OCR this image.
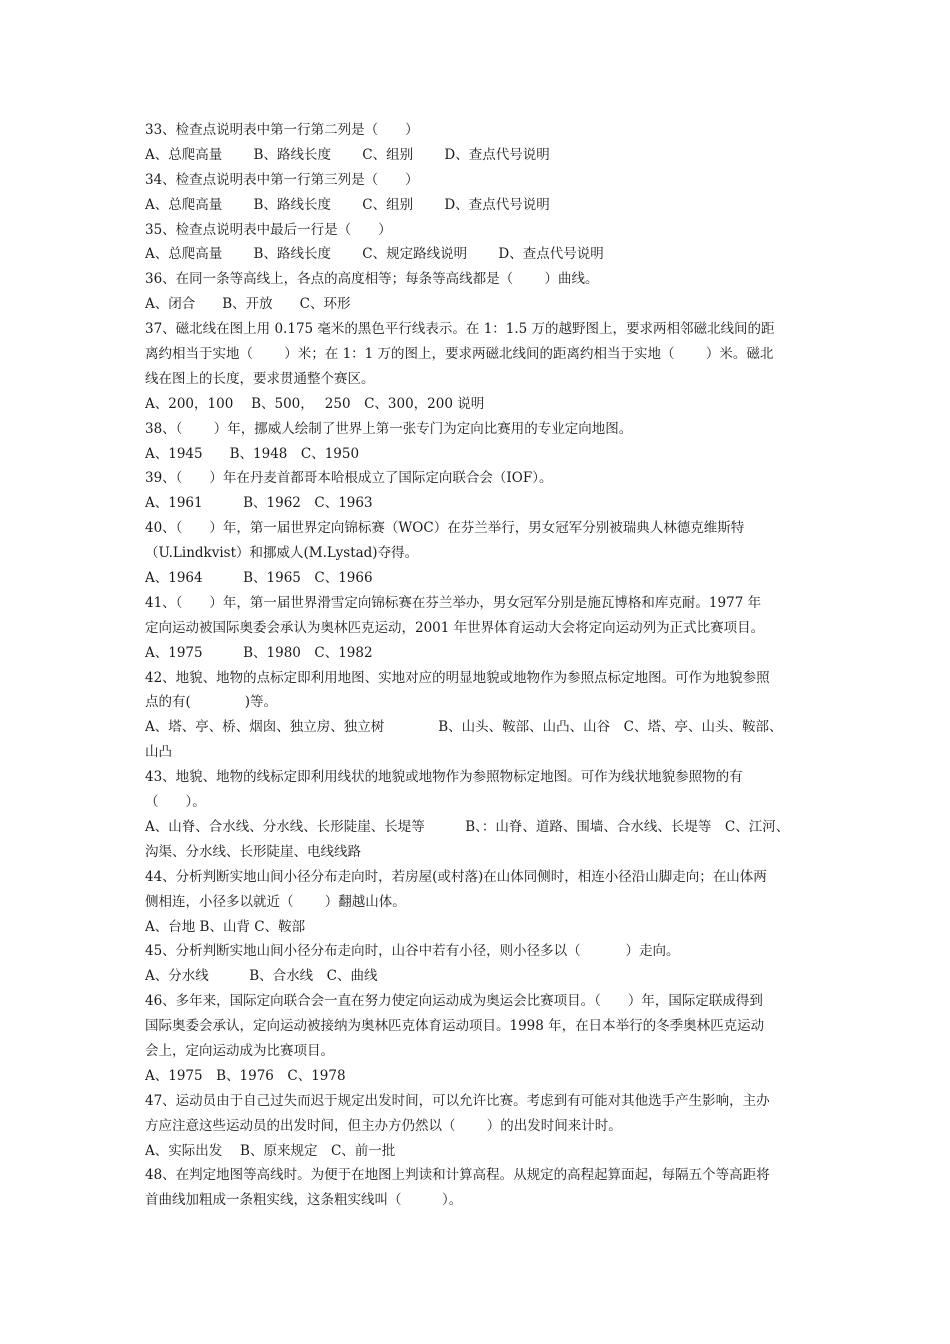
33、检查点说明表中第一行第二列是（　　）
A、总爬高量　　 B、路线长度　　 C、组别　　 D、查点代号说明
34、检查点说明表中第一行第三列是（　　）
A、总爬高量　　 B、路线长度　　 C、组别　　 D、查点代号说明
35、检查点说明表中最后一行是（　　）
A、总爬高量　　 B、路线长度　　 C、规定路线说明　　 D、查点代号说明
36、在同一条等高线上，各点的高度相等；每条等高线都是（　　 ）曲线。
A、闭合　　B、开放　　C、环形
37、磁北线在图上用 0.175 毫米的黑色平行线表示。在 1：1.5 万的越野图上，要求两相邻磁北线间的距
离约相当于实地（　　 ）米；在 1：1 万的图上，要求两磁北线间的距离约相当于实地（　　 ）米。磁北
线在图上的长度，要求贯通整个赛区。
A、200，100　 B、500，　 250　C、300，200 说明
38、（　　 ）年，挪威人绘制了世界上第一张专门为定向比赛用的专业定向地图。
A、1945　　B、1948　C、1950
39、（　　）年在丹麦首都哥本哈根成立了国际定向联合会（IOF）。
A、1961　　　B、1962　C、1963
40、（　　）年，第一届世界定向锦标赛（WOC）在芬兰举行，男女冠军分别被瑞典人林德克维斯特
（U.Lindkvist）和挪威人(M.Lystad)夺得。
A、1964　　　B、1965　C、1966
41、（　　）年，第一届世界滑雪定向锦标赛在芬兰举办，男女冠军分别是施瓦博格和库克耐。1977 年
定向运动被国际奥委会承认为奥林匹克运动，2001 年世界体育运动大会将定向运动列为正式比赛项目。
A、1975　　　B、1980　C、1982
42、地貌、地物的点标定即利用地图、实地对应的明显地貌或地物作为参照点标定地图。可作为地貌参照
点的有(　　　　)等。
A、塔、亭、桥、烟囱、独立房、独立树　　　　B、山头、鞍部、山凸、山谷　C、塔、亭、山头、鞍部、
山凸
43、地貌、地物的线标定即利用线状的地貌或地物作为参照物标定地图。可作为线状地貌参照物的有
（　　）。
A、山脊、合水线、分水线、长形陡崖、长堤等　　　B、：山脊、道路、围墙、合水线、长堤等　C、江河、
沟渠、分水线、长形陡崖、电线线路
44、分析判断实地山间小径分布走向时，若房屋(或村落)在山体同侧时，相连小径沿山脚走向；在山体两
侧相连，小径多以就近（　　 ）翻越山体。
A、台地 B、山背 C、鞍部
45、分析判断实地山间小径分布走向时，山谷中若有小径，则小径多以（　　　 ）走向。
A、分水线　　　B、合水线　C、曲线
46、多年来，国际定向联合会一直在努力使定向运动成为奥运会比赛项目。（　　）年，国际定联成得到
国际奥委会承认，定向运动被接纳为奥林匹克体育运动项目。1998 年，在日本举行的冬季奥林匹克运动
会上，定向运动成为比赛项目。
A、1975　B、1976　C、1978
47、运动员由于自己过失而迟于规定出发时间，可以允许比赛。考虑到有可能对其他选手产生影响，主办
方应注意这些运动员的出发时间，但主办方仍然以（　　 ）的出发时间来计时。
A、实际出发　 B、原来规定　C、前一批
48、在判定地图等高线时。为便于在地图上判读和计算高程。从规定的高程起算面起，每隔五个等高距将
首曲线加粗成一条粗实线，这条粗实线叫（　　　）。
